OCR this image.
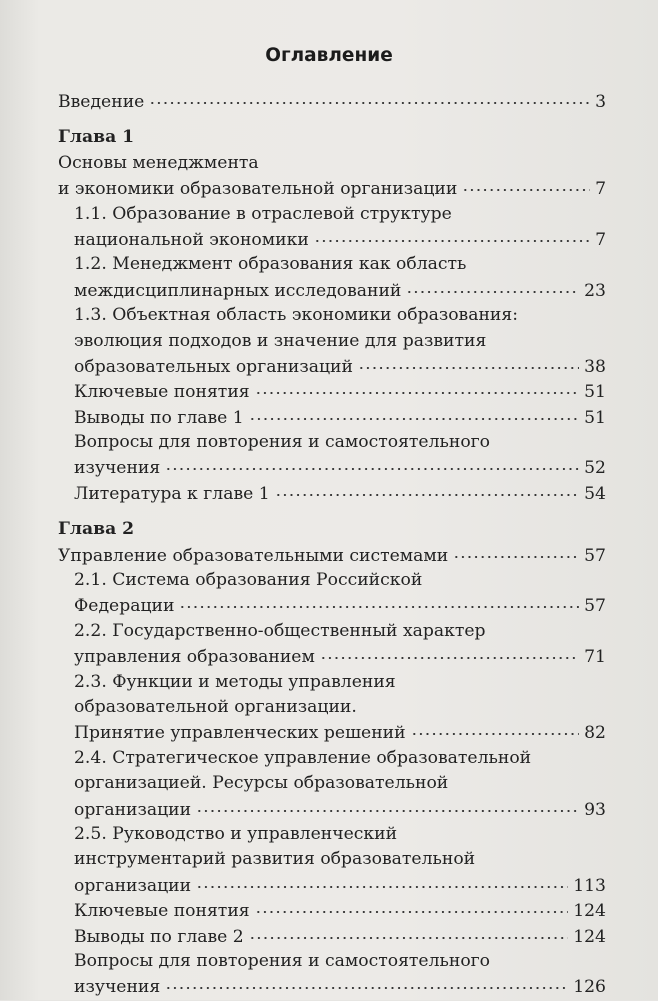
Оглавление
Введение	3
Глава 1
Основы менеджмента
и экономики образовательной организации	7
1.1. Образование в отраслевой структуре
национальной экономики	7
1.2. Менеджмент образования как область
междисциплинарных исследований	23
1.3. Объектная область экономики образования:
эволюция подходов и значение для развития
образовательных организаций	38
Ключевые понятия	51
Выводы по главе 1	51
Вопросы для повторения и самостоятельного
изучения	52
Литература к главе 1	54
Глава 2
Управление образовательными системами	57
2.1. Система образования Российской
Федерации	57
2.2. Государственно-общественный характер
управления образованием	71
2.3. Функции и методы управления
образовательной организации.
Принятие управленческих решений	82
2.4. Стратегическое управление образовательной
организацией. Ресурсы образовательной
организации	93
2.5. Руководство и управленческий
инструментарий развития образовательной
организации	113
Ключевые понятия	124
Выводы по главе 2	124
Вопросы для повторения и самостоятельного
изучения	126
